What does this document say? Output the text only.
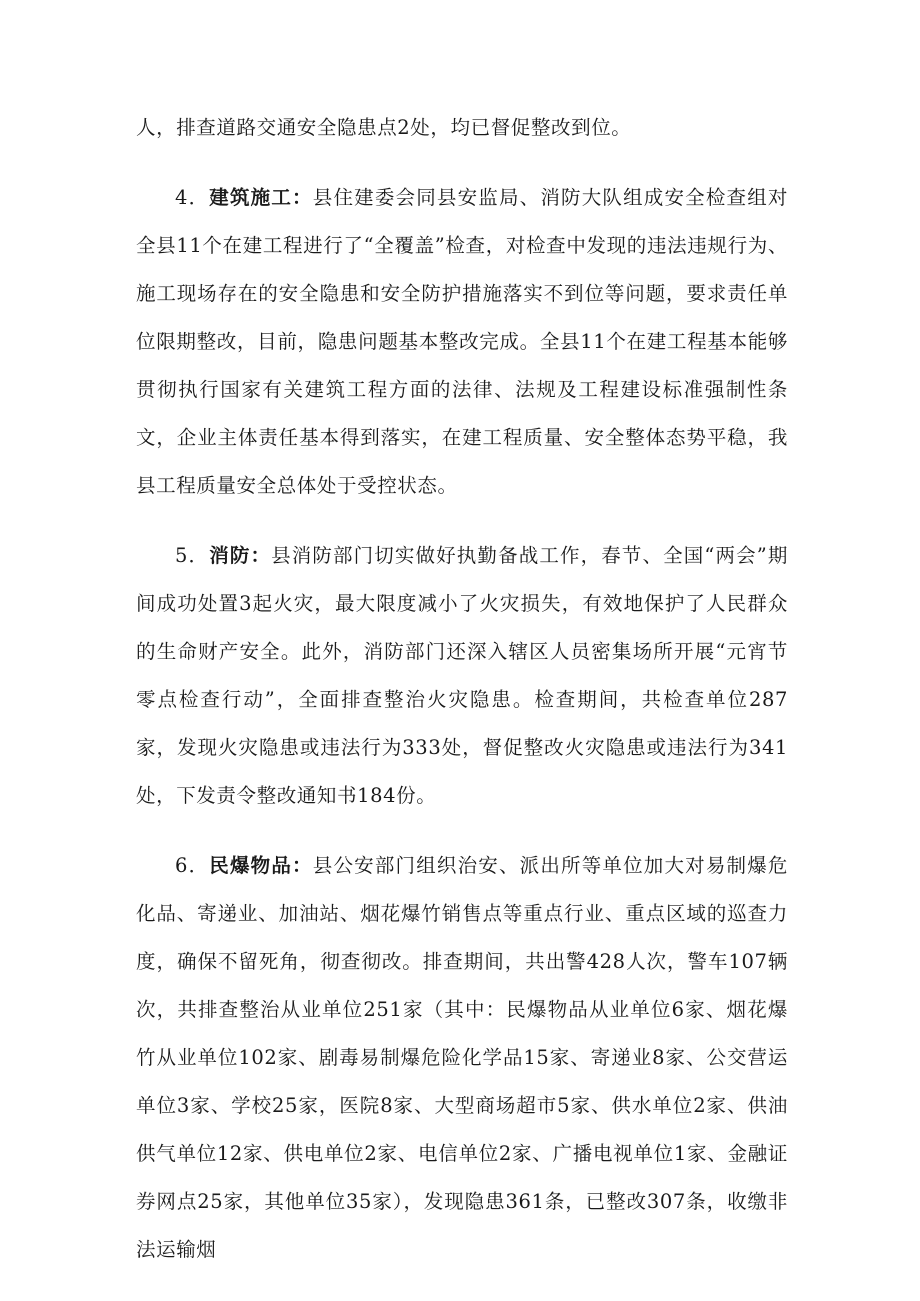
人，排查道路交通安全隐患点2处，均已督促整改到位。

4．建筑施工：县住建委会同县安监局、消防大队组成安全检查组对全县11个在建工程进行了“全覆盖”检查，对检查中发现的违法违规行为、施工现场存在的安全隐患和安全防护措施落实不到位等问题，要求责任单位限期整改，目前，隐患问题基本整改完成。全县11个在建工程基本能够贯彻执行国家有关建筑工程方面的法律、法规及工程建设标准强制性条文，企业主体责任基本得到落实，在建工程质量、安全整体态势平稳，我县工程质量安全总体处于受控状态。

5．消防：县消防部门切实做好执勤备战工作，春节、全国“两会”期间成功处置3起火灾，最大限度减小了火灾损失，有效地保护了人民群众的生命财产安全。此外，消防部门还深入辖区人员密集场所开展“元宵节零点检查行动”，全面排查整治火灾隐患。检查期间，共检查单位287家，发现火灾隐患或违法行为333处，督促整改火灾隐患或违法行为341处，下发责令整改通知书184份。

6．民爆物品：县公安部门组织治安、派出所等单位加大对易制爆危化品、寄递业、加油站、烟花爆竹销售点等重点行业、重点区域的巡查力度，确保不留死角，彻查彻改。排查期间，共出警428人次，警车107辆次，共排查整治从业单位251家（其中：民爆物品从业单位6家、烟花爆竹从业单位102家、剧毒易制爆危险化学品15家、寄递业8家、公交营运单位3家、学校25家，医院8家、大型商场超市5家、供水单位2家、供油供气单位12家、供电单位2家、电信单位2家、广播电视单位1家、金融证券网点25家，其他单位35家），发现隐患361条，已整改307条，收缴非法运输烟
